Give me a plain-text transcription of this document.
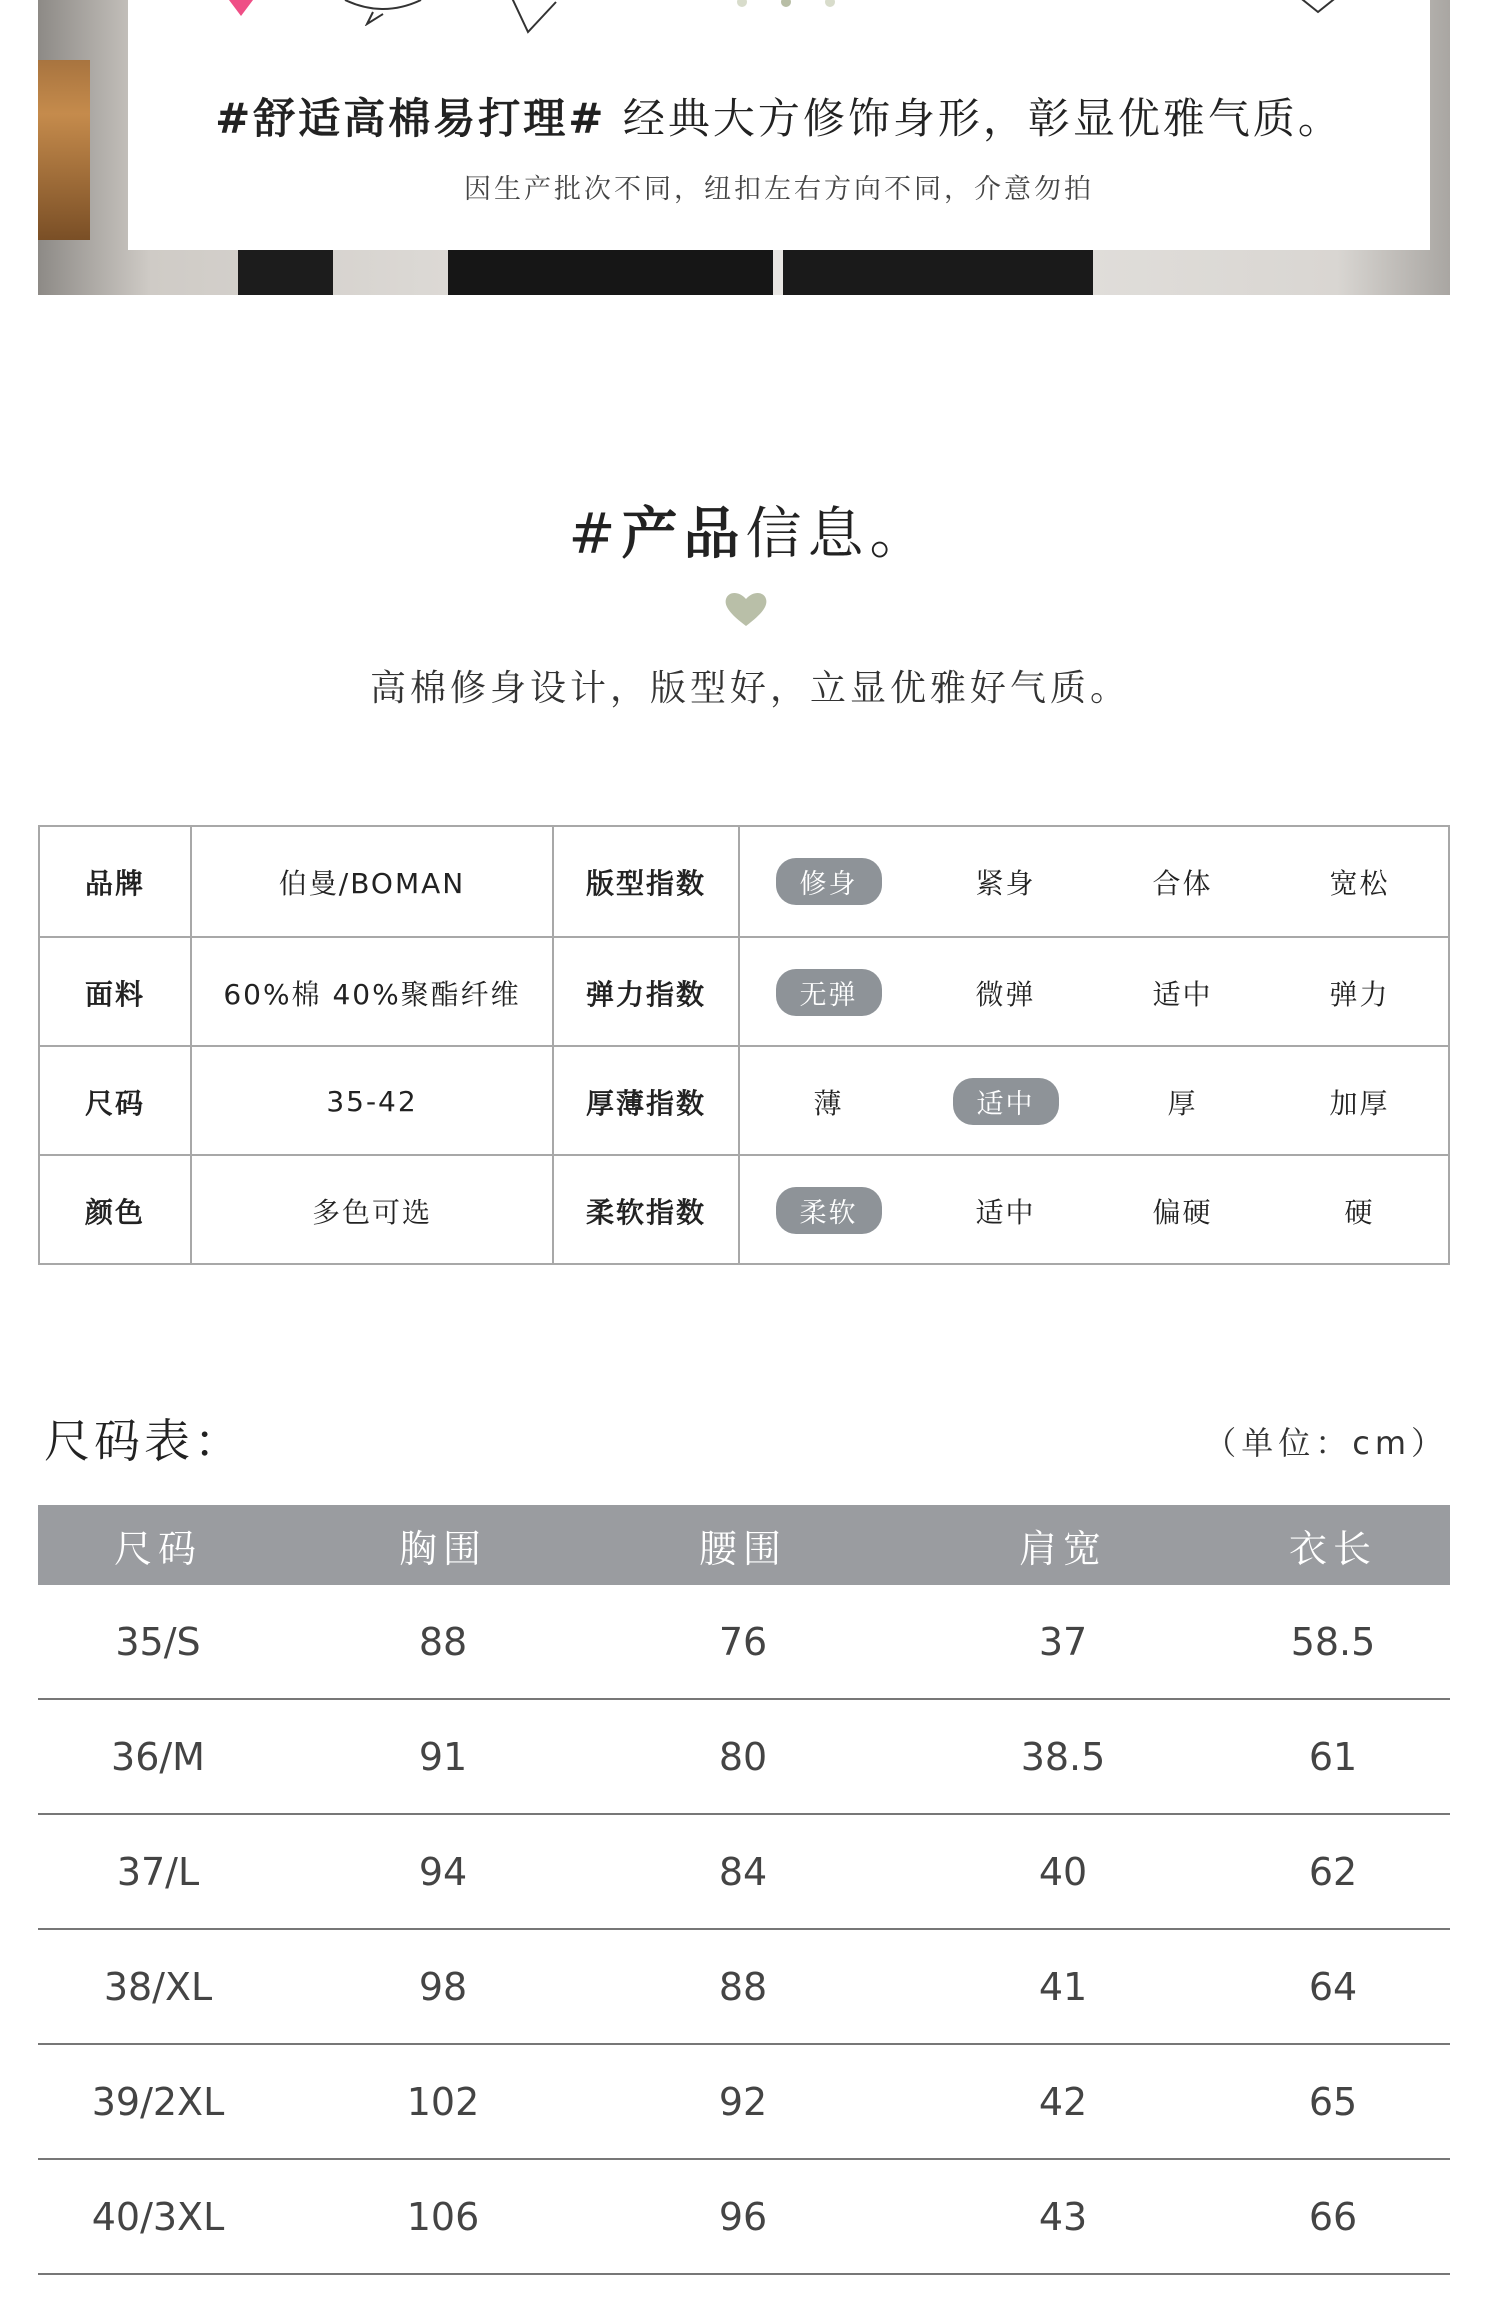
#舒适高棉易打理# 经典大方修饰身形，彰显优雅气质。
因生产批次不同，纽扣左右方向不同，介意勿拍
#产品信息。
高棉修身设计，版型好，立显优雅好气质。
品牌	伯曼/BOMAN	版型指数	修身	紧身	合体	宽松
面料	60%棉 40%聚酯纤维	弹力指数	无弹	微弹	适中	弹力
尺码	35-42	厚薄指数	薄	适中	厚	加厚
颜色	多色可选	柔软指数	柔软	适中	偏硬	硬
尺码表：	（单位：cm）
尺码	胸围	腰围	肩宽	衣长
35/S	88	76	37	58.5
36/M	91	80	38.5	61
37/L	94	84	40	62
38/XL	98	88	41	64
39/2XL	102	92	42	65
40/3XL	106	96	43	66
